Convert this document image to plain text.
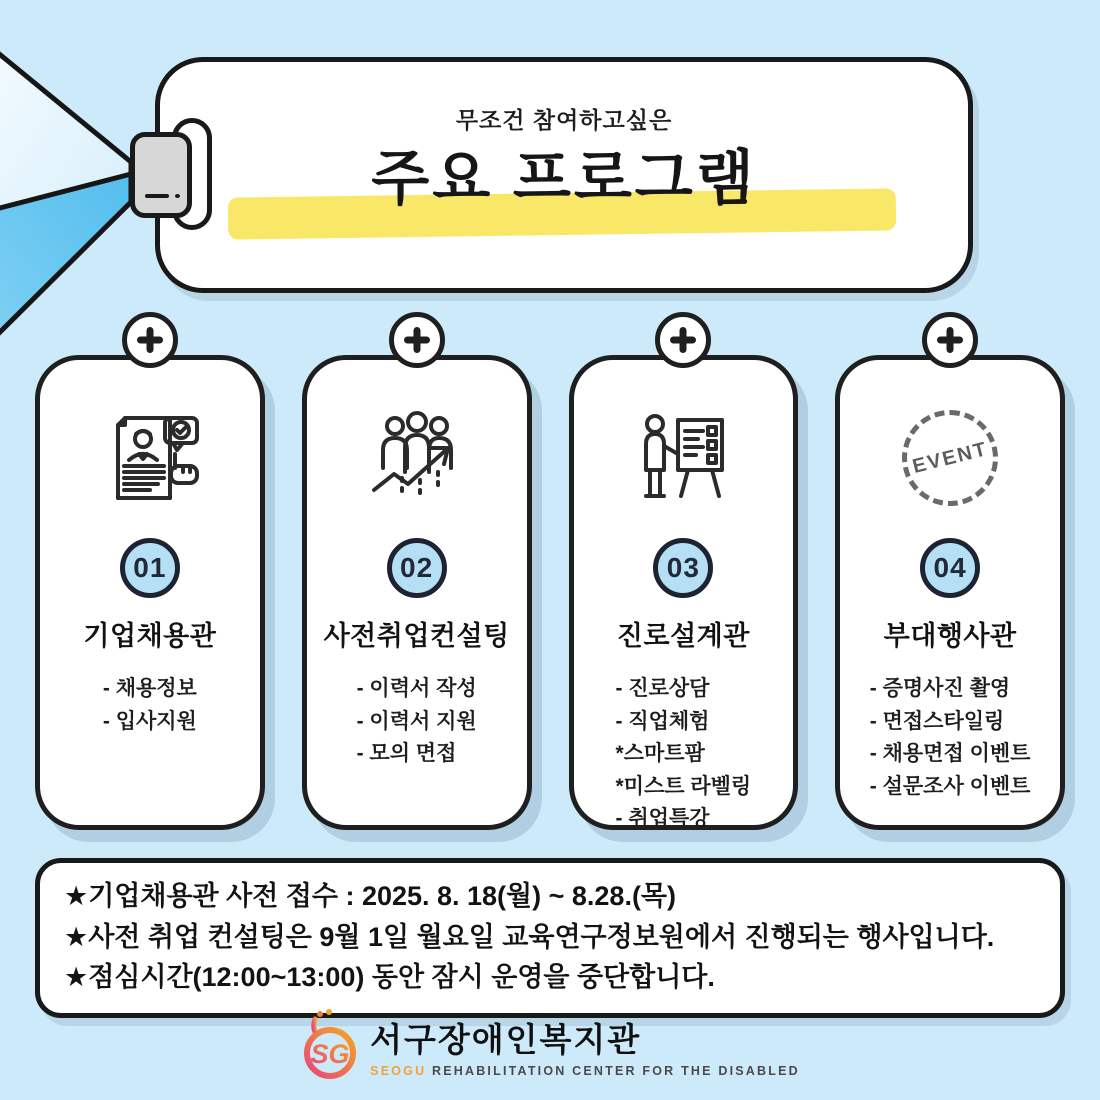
무조건 참여하고싶은
주요 프로그램
01
기업채용관
- 채용정보
- 입사지원
02
사전취업컨설팅
- 이력서 작성
- 이력서 지원
- 모의 면접
03
진로설계관
- 진로상담
- 직업체험
*스마트팜
*미스트 라벨링
- 취업특강
EVENT
04
부대행사관
- 증명사진 촬영
- 면접스타일링
- 채용면접 이벤트
- 설문조사 이벤트
★기업채용관 사전 접수 : 2025. 8. 18(월) ~ 8.28.(목)
★사전 취업 컨설팅은 9월 1일 월요일 교육연구정보원에서 진행되는 행사입니다.
★점심시간(12:00~13:00) 동안 잠시 운영을 중단합니다.
SG 서구장애인복지관
SEOGU REHABILITATION CENTER FOR THE DISABLED
